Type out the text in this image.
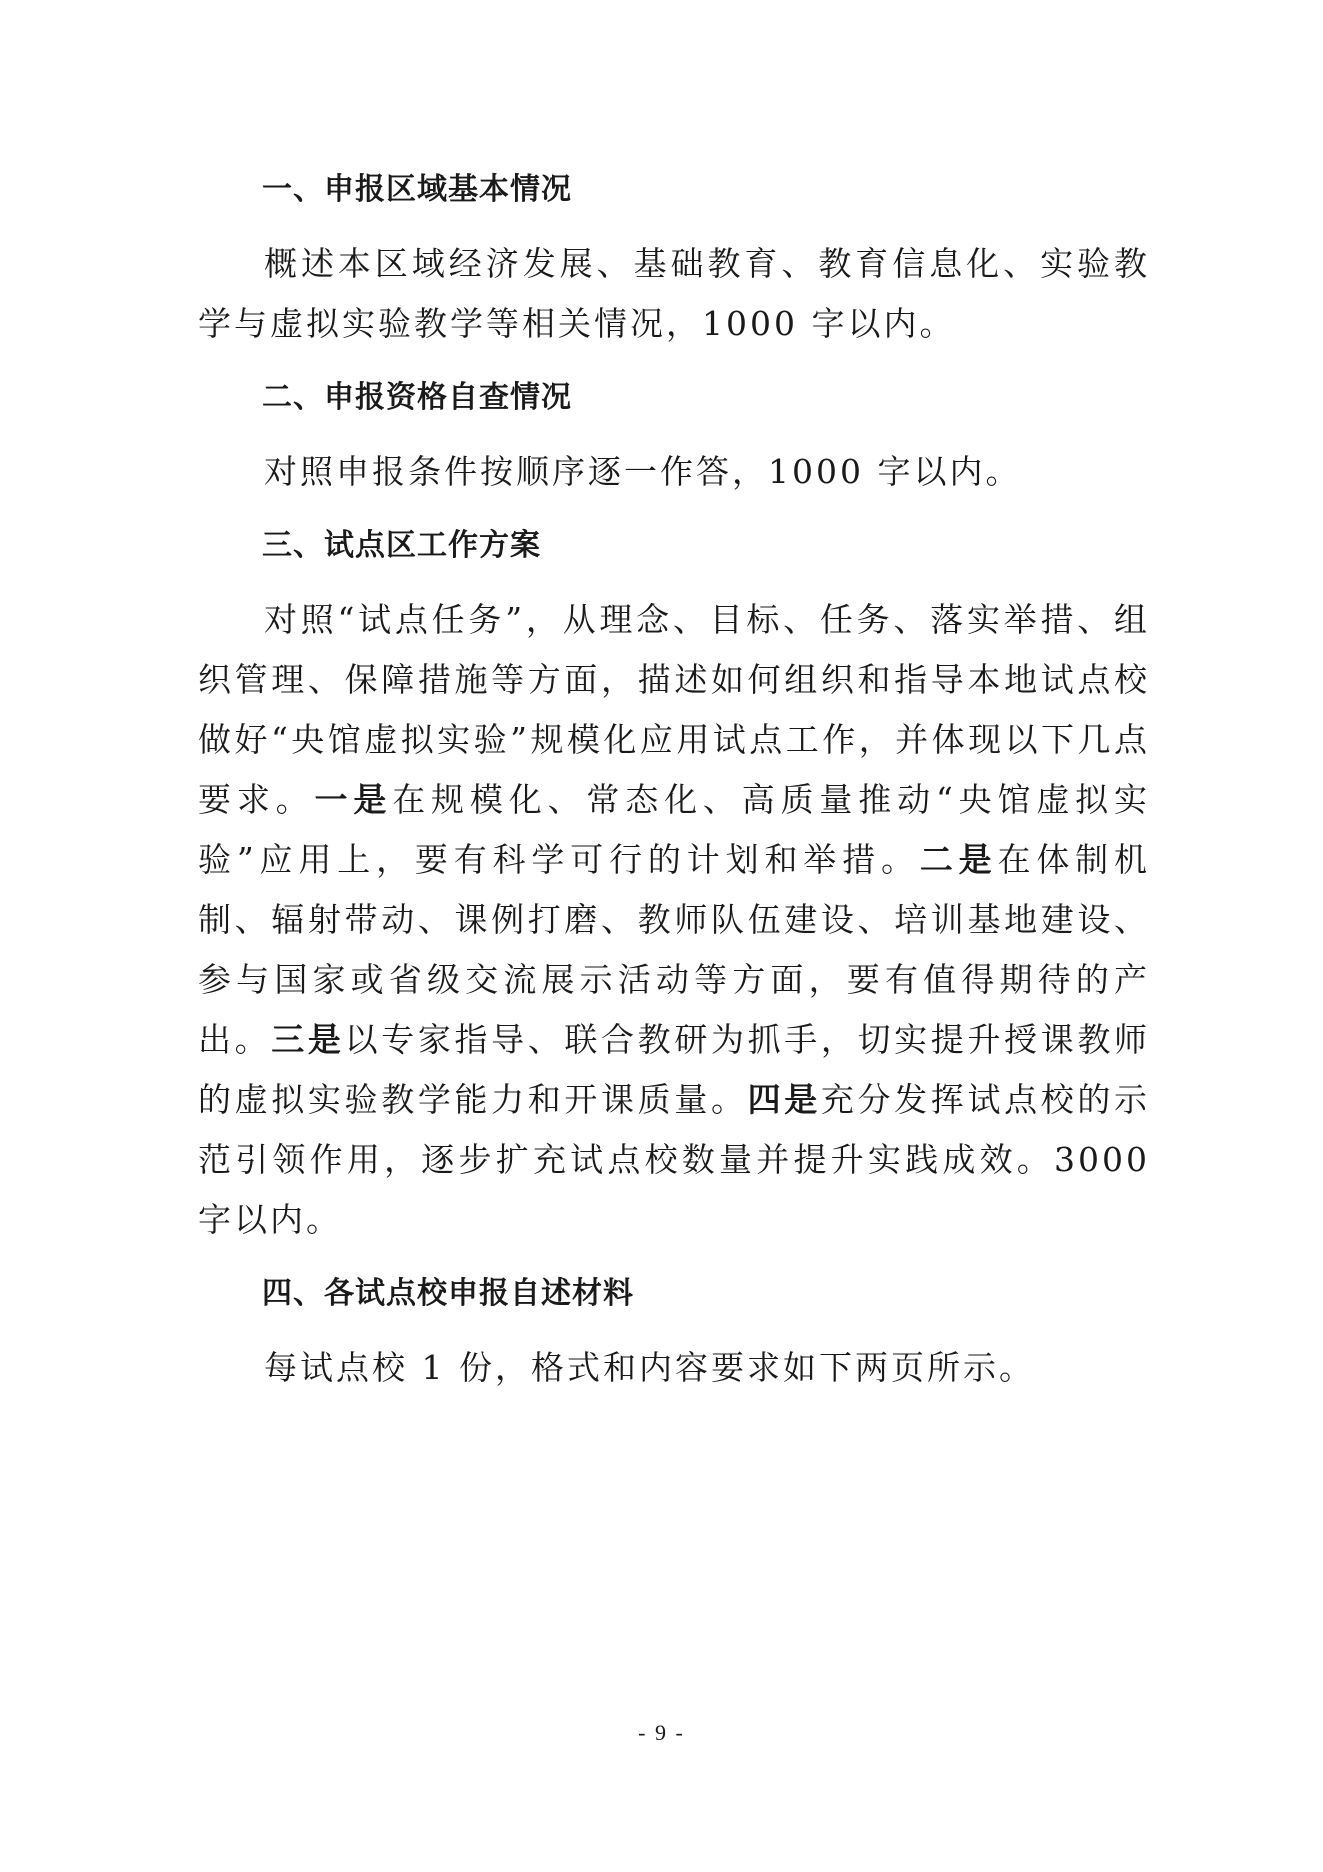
一、申报区域基本情况

概述本区域经济发展、基础教育、教育信息化、实验教学与虚拟实验教学等相关情况，1000 字以内。

二、申报资格自查情况

对照申报条件按顺序逐一作答，1000 字以内。

三、试点区工作方案

对照“试点任务”，从理念、目标、任务、落实举措、组织管理、保障措施等方面，描述如何组织和指导本地试点校做好“央馆虚拟实验”规模化应用试点工作，并体现以下几点要求。一是在规模化、常态化、高质量推动“央馆虚拟实验”应用上，要有科学可行的计划和举措。二是在体制机制、辐射带动、课例打磨、教师队伍建设、培训基地建设、参与国家或省级交流展示活动等方面，要有值得期待的产出。三是以专家指导、联合教研为抓手，切实提升授课教师的虚拟实验教学能力和开课质量。四是充分发挥试点校的示范引领作用，逐步扩充试点校数量并提升实践成效。3000 字以内。

四、各试点校申报自述材料

每试点校 1 份，格式和内容要求如下两页所示。

- 9 -
